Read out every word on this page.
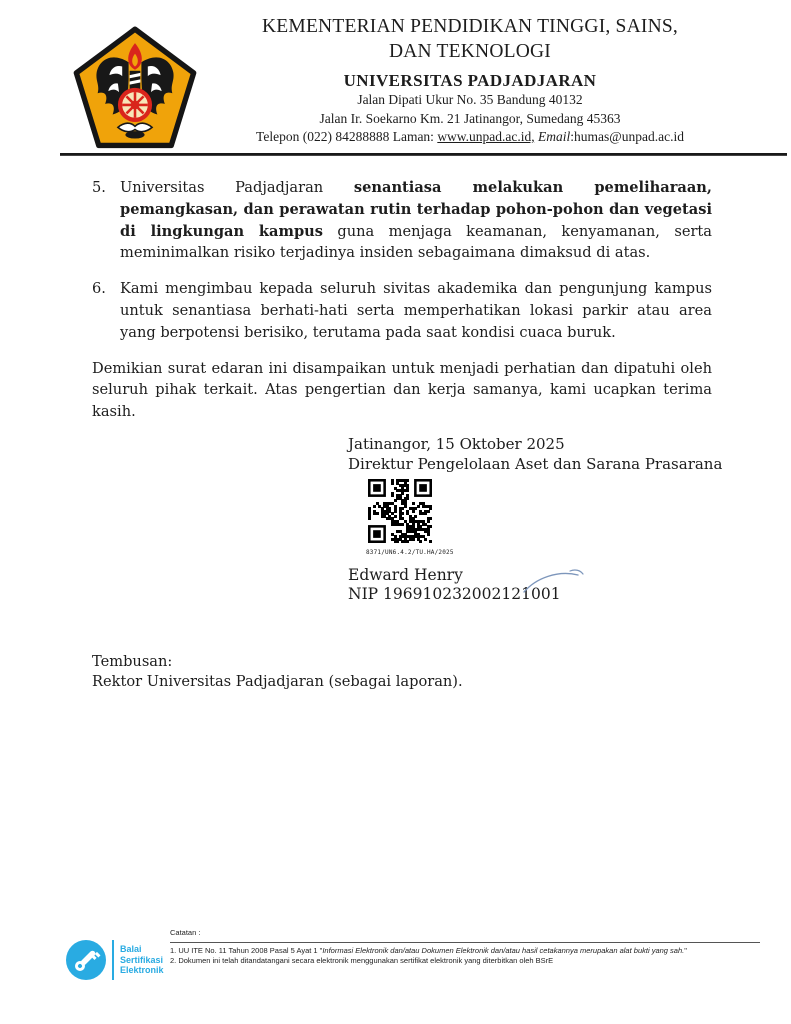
KEMENTERIAN PENDIDIKAN TINGGI, SAINS,
DAN TEKNOLOGI
UNIVERSITAS PADJADJARAN
Jalan Dipati Ukur No. 35 Bandung 40132
Jalan Ir. Soekarno Km. 21 Jatinangor, Sumedang 45363
Telepon (022) 84288888 Laman: www.unpad.ac.id, Email:humas@unpad.ac.id
5. Universitas Padjadjaran senantiasa melakukan pemeliharaan, pemangkasan, dan perawatan rutin terhadap pohon-pohon dan vegetasi di lingkungan kampus guna menjaga keamanan, kenyamanan, serta meminimalkan risiko terjadinya insiden sebagaimana dimaksud di atas.

6. Kami mengimbau kepada seluruh sivitas akademika dan pengunjung kampus untuk senantiasa berhati-hati serta memperhatikan lokasi parkir atau area yang berpotensi berisiko, terutama pada saat kondisi cuaca buruk.

Demikian surat edaran ini disampaikan untuk menjadi perhatian dan dipatuhi oleh seluruh pihak terkait. Atas pengertian dan kerja samanya, kami ucapkan terima kasih.

Jatinangor, 15 Oktober 2025
Direktur Pengelolaan Aset dan Sarana Prasarana
8371/UN6.4.2/TU.HA/2025
Edward Henry
NIP 196910232002121001
Tembusan:
Rektor Universitas Padjadjaran (sebagai laporan).
Balai
Sertifikasi
Elektronik
Catatan :
1. UU ITE No. 11 Tahun 2008 Pasal 5 Ayat 1 "Informasi Elektronik dan/atau Dokumen Elektronik dan/atau hasil cetakannya merupakan alat bukti yang sah."
2. Dokumen ini telah ditandatangani secara elektronik menggunakan sertifikat elektronik yang diterbitkan oleh BSrE
